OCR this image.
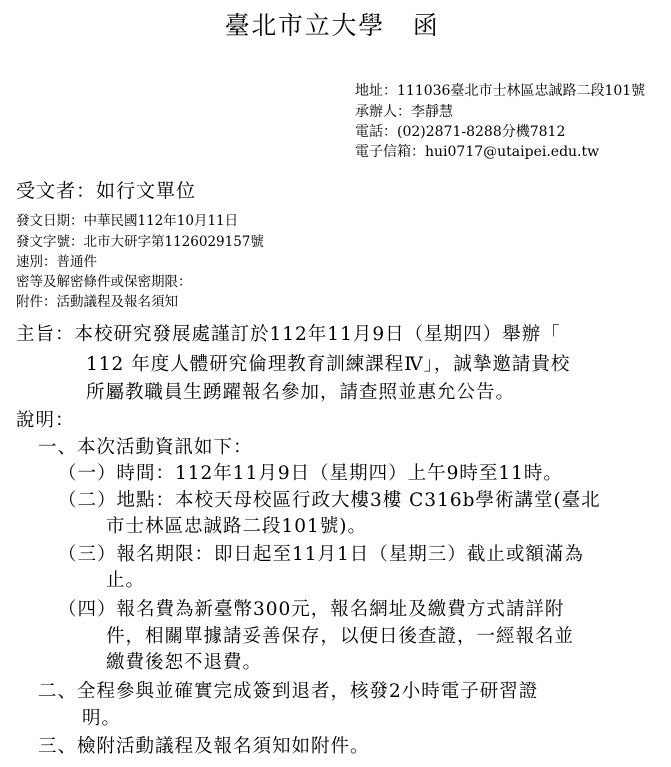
臺北市立大學 函
地址：111036臺北市士林區忠誠路二段101號
承辦人：李靜慧
電話：(02)2871-8288分機7812
電子信箱：hui0717@utaipei.edu.tw
受文者：如行文單位
發文日期：中華民國112年10月11日
發文字號：北市大研字第1126029157號
速別：普通件
密等及解密條件或保密期限：
附件：活動議程及報名須知
主旨：本校研究發展處謹訂於112年11月9日（星期四）舉辦「
112 年度人體研究倫理教育訓練課程Ⅳ」，誠摯邀請貴校
所屬教職員生踴躍報名參加，請查照並惠允公告。
說明：
一、本次活動資訊如下：
（一）時間：112年11月9日（星期四）上午9時至11時。
（二）地點：本校天母校區行政大樓3樓 C316b學術講堂(臺北
市士林區忠誠路二段101號)。
（三）報名期限：即日起至11月1日（星期三）截止或額滿為
止。
（四）報名費為新臺幣300元，報名網址及繳費方式請詳附
件，相關單據請妥善保存，以便日後查證，一經報名並
繳費後恕不退費。
二、全程參與並確實完成簽到退者，核發2小時電子研習證
明。
三、檢附活動議程及報名須知如附件。
